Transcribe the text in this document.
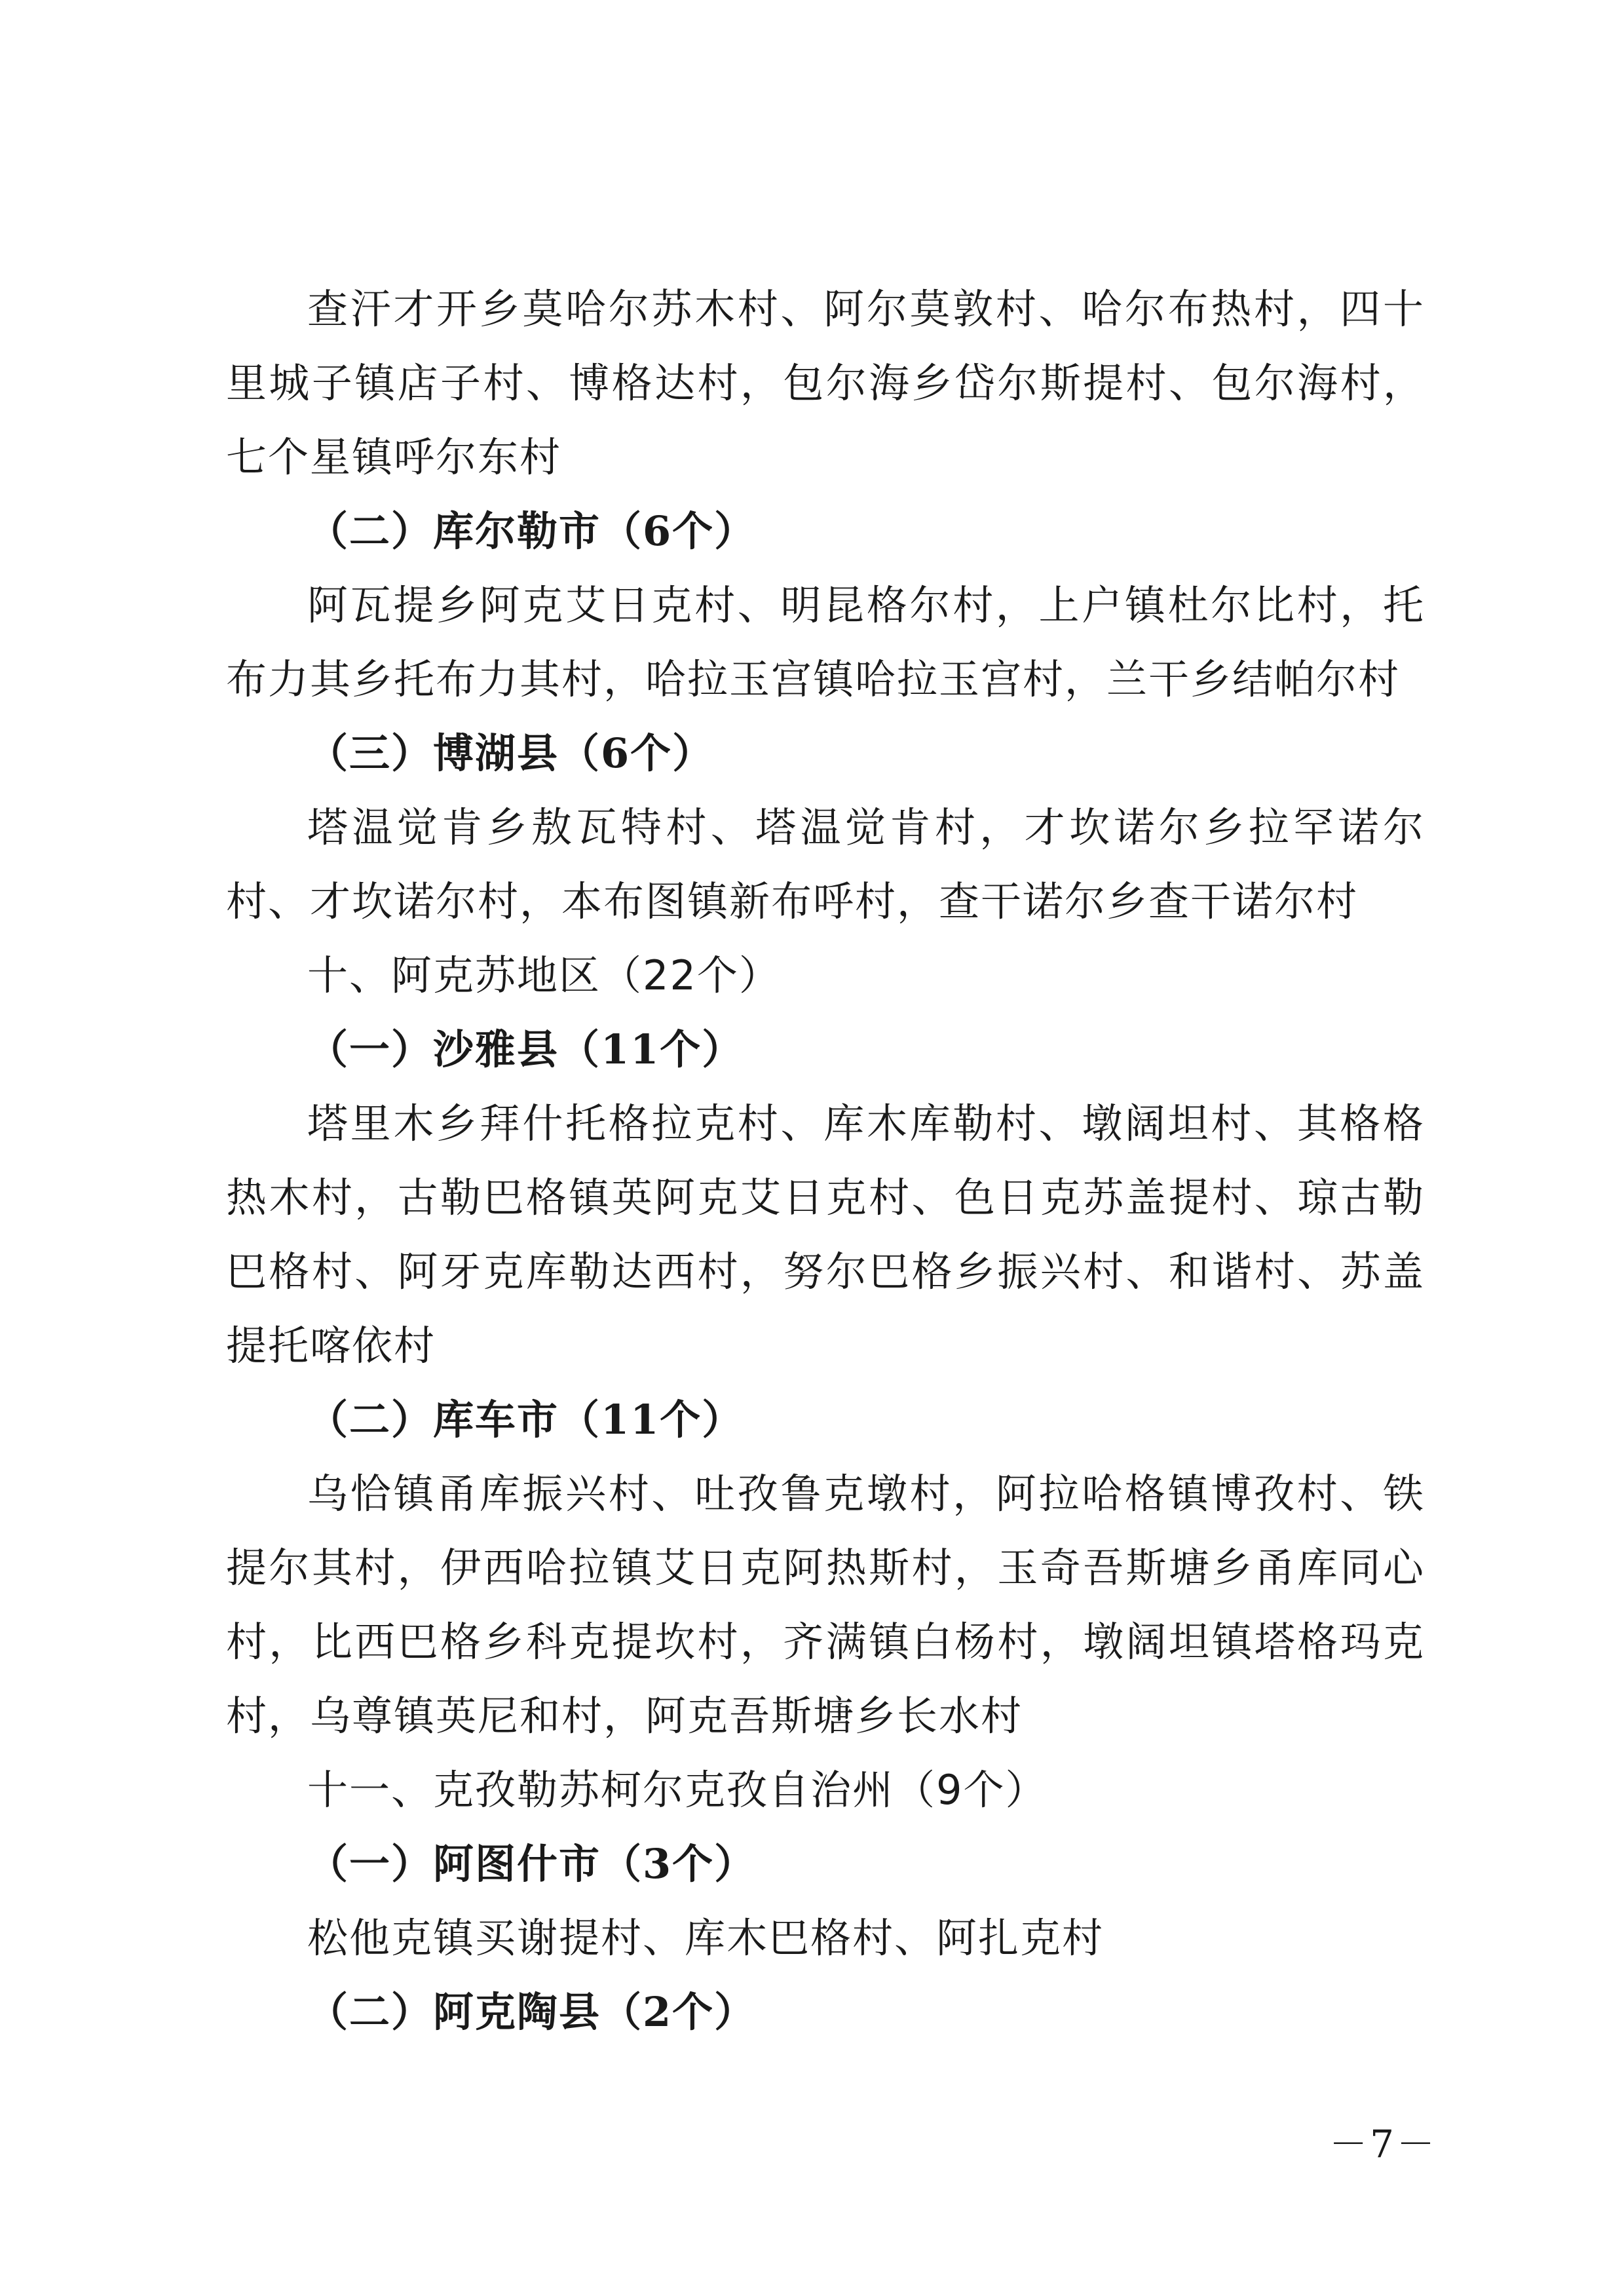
查汗才开乡莫哈尔苏木村、阿尔莫敦村、哈尔布热村，四十里城子镇店子村、博格达村，包尔海乡岱尔斯提村、包尔海村，七个星镇呼尔东村

（二）库尔勒市（6个）

阿瓦提乡阿克艾日克村、明昆格尔村，上户镇杜尔比村，托布力其乡托布力其村，哈拉玉宫镇哈拉玉宫村，兰干乡结帕尔村

（三）博湖县（6个）

塔温觉肯乡敖瓦特村、塔温觉肯村，才坎诺尔乡拉罕诺尔村、才坎诺尔村，本布图镇新布呼村，查干诺尔乡查干诺尔村

十、阿克苏地区（22个）

（一）沙雅县（11个）

塔里木乡拜什托格拉克村、库木库勒村、墩阔坦村、其格格热木村，古勒巴格镇英阿克艾日克村、色日克苏盖提村、琼古勒巴格村、阿牙克库勒达西村，努尔巴格乡振兴村、和谐村、苏盖提托喀依村

（二）库车市（11个）

乌恰镇甬库振兴村、吐孜鲁克墩村，阿拉哈格镇博孜村、铁提尔其村，伊西哈拉镇艾日克阿热斯村，玉奇吾斯塘乡甬库同心村，比西巴格乡科克提坎村，齐满镇白杨村，墩阔坦镇塔格玛克村，乌尊镇英尼和村，阿克吾斯塘乡长水村

十一、克孜勒苏柯尔克孜自治州（9个）

（一）阿图什市（3个）

松他克镇买谢提村、库木巴格村、阿扎克村

（二）阿克陶县（2个）

－7－
